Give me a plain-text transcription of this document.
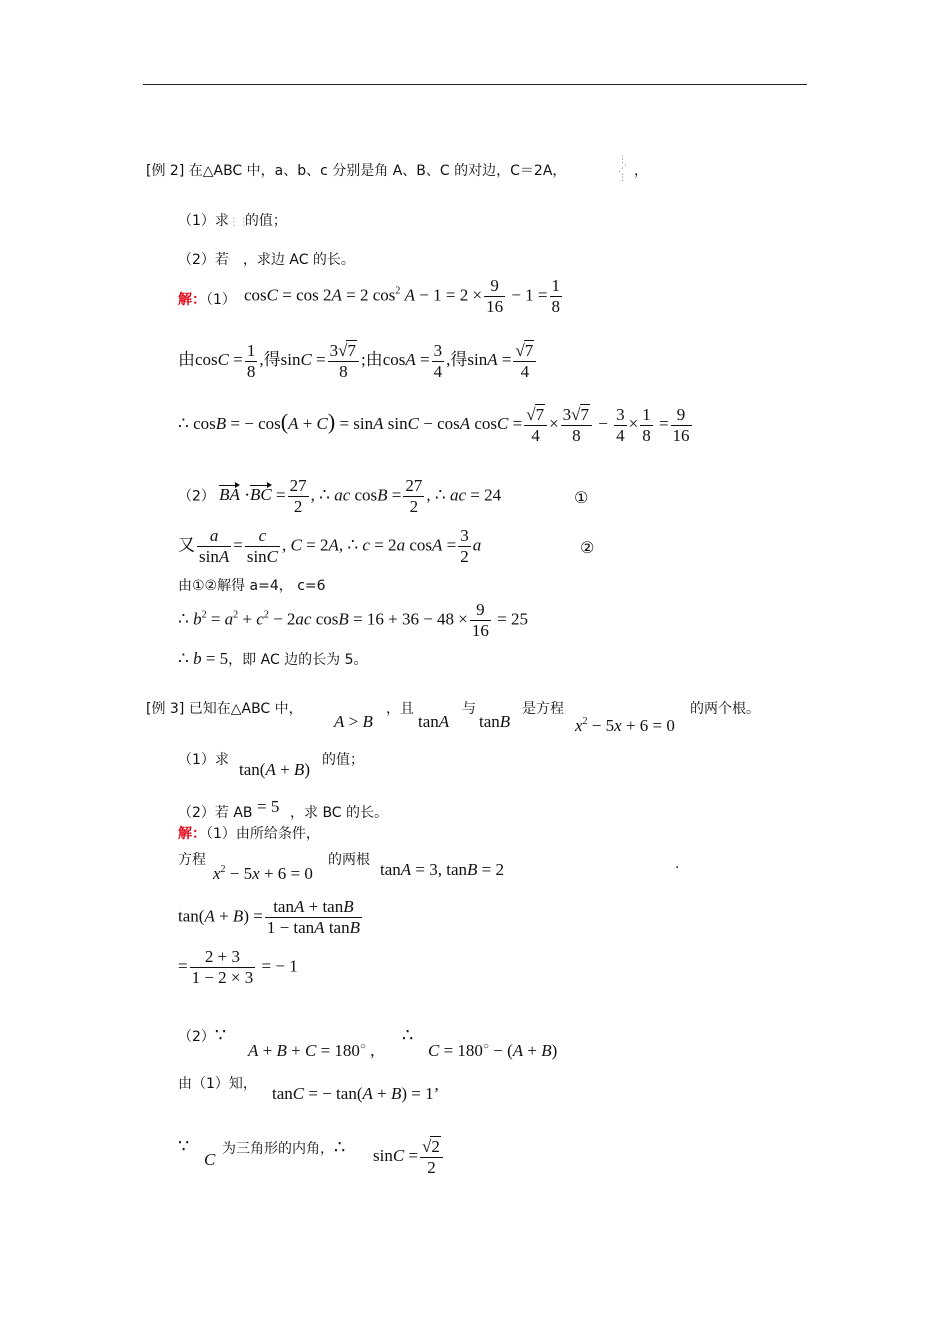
[例 2] 在△ABC 中，a、b、c 分别是角 A、B、C 的对边，C＝2A，
⋮
⋰
⋮ ，
（1）求⋮⋮的值；
（2）若ⁱ ，求边 AC 的长。
解：（1） cosC = cos 2A = 2 $\cos^2 A - 1 = 2 \times \frac{9}{16} - 1 = \frac{1}{8}$
由$\cos C = \frac{1}{8}$ ,得$\sin C = \frac{3√7}{8}$ ;由$\cos A = \frac{3}{4}$ ,得$\sin A = \frac{√7}{4}$
∴ cosB = − cos(A + C) = sinA sinC − cosA $\cos C = \frac{√7}{4} \times \frac{3√7}{8} - \frac{3}{4} \times \frac{1}{8} = \frac{9}{16}$
（2） BA $\cdot BC = \frac{27}{2}$ , ∴ ac $\cos B = \frac{27}{2}$ , ∴ ac = 24	①
又 $\frac{a}{\sin A} = \frac{c}{\sin C}$ , C = 2A, ∴ c = 2a $\cos A = \frac{3}{2}$ a	②
由①②解得 a=4， c=6
∴ $b^2 = a^2 + c^2 - 2ac$ $\cos B = 16 + 36 - 48 \times \frac{9}{16} = 25$
∴ b = 5，即 AC 边的长为 5。
[例 3] 已知在△ABC 中，
A > B
，且
tanA
与
tanB
是方程
$x^2 - 5x + 6 = 0$
的两个根。
（1）求 tan(A + B) 的值；
（2）若 AB = 5 ，求 BC 的长。
解：（1）由所给条件，
方程
$x^2 - 5x + 6 = 0$
的两根 tanA = 3, tanB = 2	.
$\tan(A + B) = \frac{\tan A + \tan B}{\text{1 − tanA tanB}}$
= $\frac{2 + 3}{1 - 2 \times 3}$ = − 1
（2）∵
A + B + C = 180○ ,
∴
C = 180○ − (A + B)
由（1）知， tanC = − tan(A + B) = 1’
∵
C
为三角形的内角，∴ $\sin C = \frac{√2}{2}$
